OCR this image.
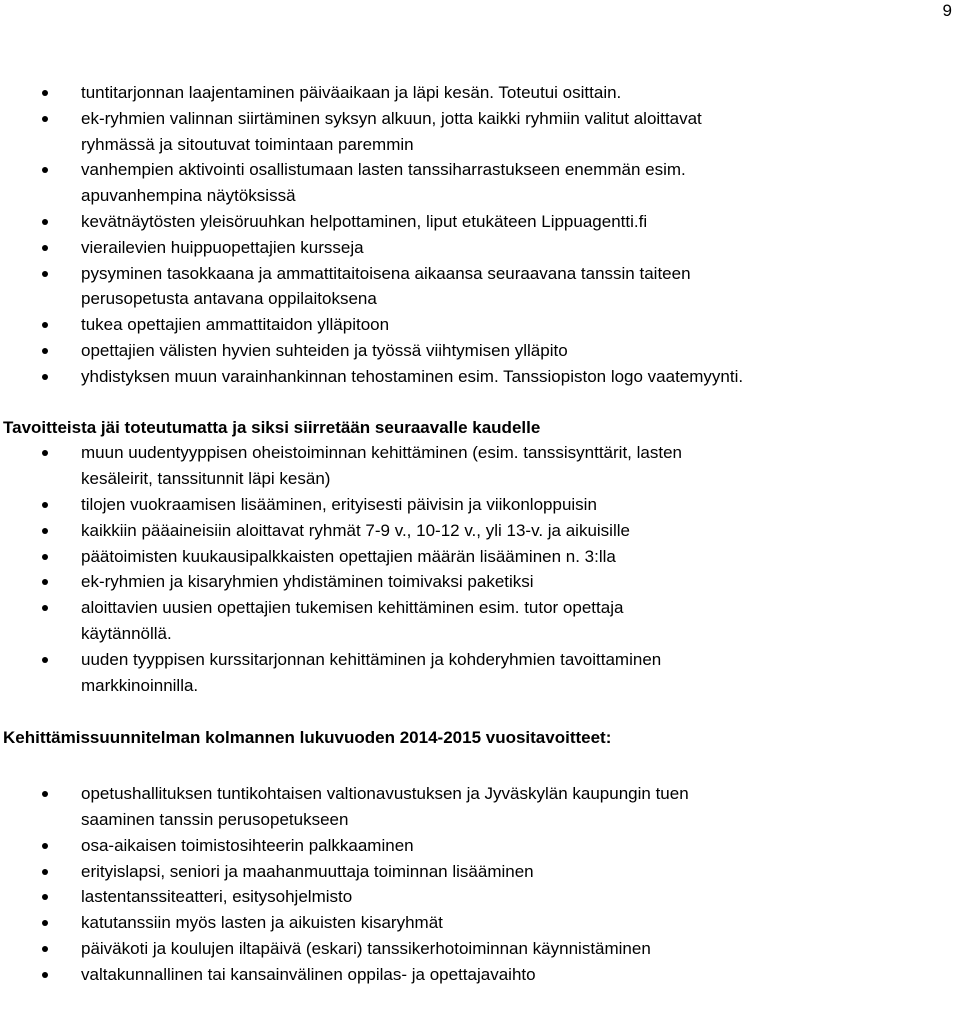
9
tuntitarjonnan laajentaminen päiväaikaan ja läpi kesän. Toteutui osittain.
ek-ryhmien valinnan siirtäminen syksyn alkuun, jotta kaikki ryhmiin valitut aloittavat
ryhmässä ja sitoutuvat toimintaan paremmin
vanhempien aktivointi osallistumaan lasten tanssiharrastukseen enemmän esim.
apuvanhempina näytöksissä
kevätnäytösten yleisöruuhkan helpottaminen, liput etukäteen Lippuagentti.fi
vierailevien huippuopettajien kursseja
pysyminen tasokkaana ja ammattitaitoisena aikaansa seuraavana tanssin taiteen
perusopetusta antavana oppilaitoksena
tukea opettajien ammattitaidon ylläpitoon
opettajien välisten hyvien suhteiden ja työssä viihtymisen ylläpito
yhdistyksen muun varainhankinnan tehostaminen esim. Tanssiopiston logo vaatemyynti.
Tavoitteista jäi toteutumatta ja siksi siirretään seuraavalle kaudelle
muun uudentyyppisen oheistoiminnan kehittäminen (esim. tanssisynttärit, lasten
kesäleirit, tanssitunnit läpi kesän)
tilojen vuokraamisen lisääminen, erityisesti päivisin ja viikonloppuisin
kaikkiin pääaineisiin aloittavat ryhmät 7-9 v., 10-12 v., yli 13-v. ja aikuisille
päätoimisten kuukausipalkkaisten opettajien määrän lisääminen n. 3:lla
ek-ryhmien ja kisaryhmien yhdistäminen toimivaksi paketiksi
aloittavien uusien opettajien tukemisen kehittäminen esim. tutor opettaja
käytännöllä.
uuden tyyppisen kurssitarjonnan kehittäminen ja kohderyhmien tavoittaminen
markkinoinnilla.
Kehittämissuunnitelman kolmannen lukuvuoden 2014-2015 vuositavoitteet:
opetushallituksen tuntikohtaisen valtionavustuksen ja Jyväskylän kaupungin tuen
saaminen tanssin perusopetukseen
osa-aikaisen toimistosihteerin palkkaaminen
erityislapsi, seniori ja maahanmuuttaja toiminnan lisääminen
lastentanssiteatteri, esitysohjelmisto
katutanssiin myös lasten ja aikuisten kisaryhmät
päiväkoti ja koulujen iltapäivä (eskari) tanssikerhotoiminnan käynnistäminen
valtakunnallinen tai kansainvälinen oppilas- ja opettajavaihto
